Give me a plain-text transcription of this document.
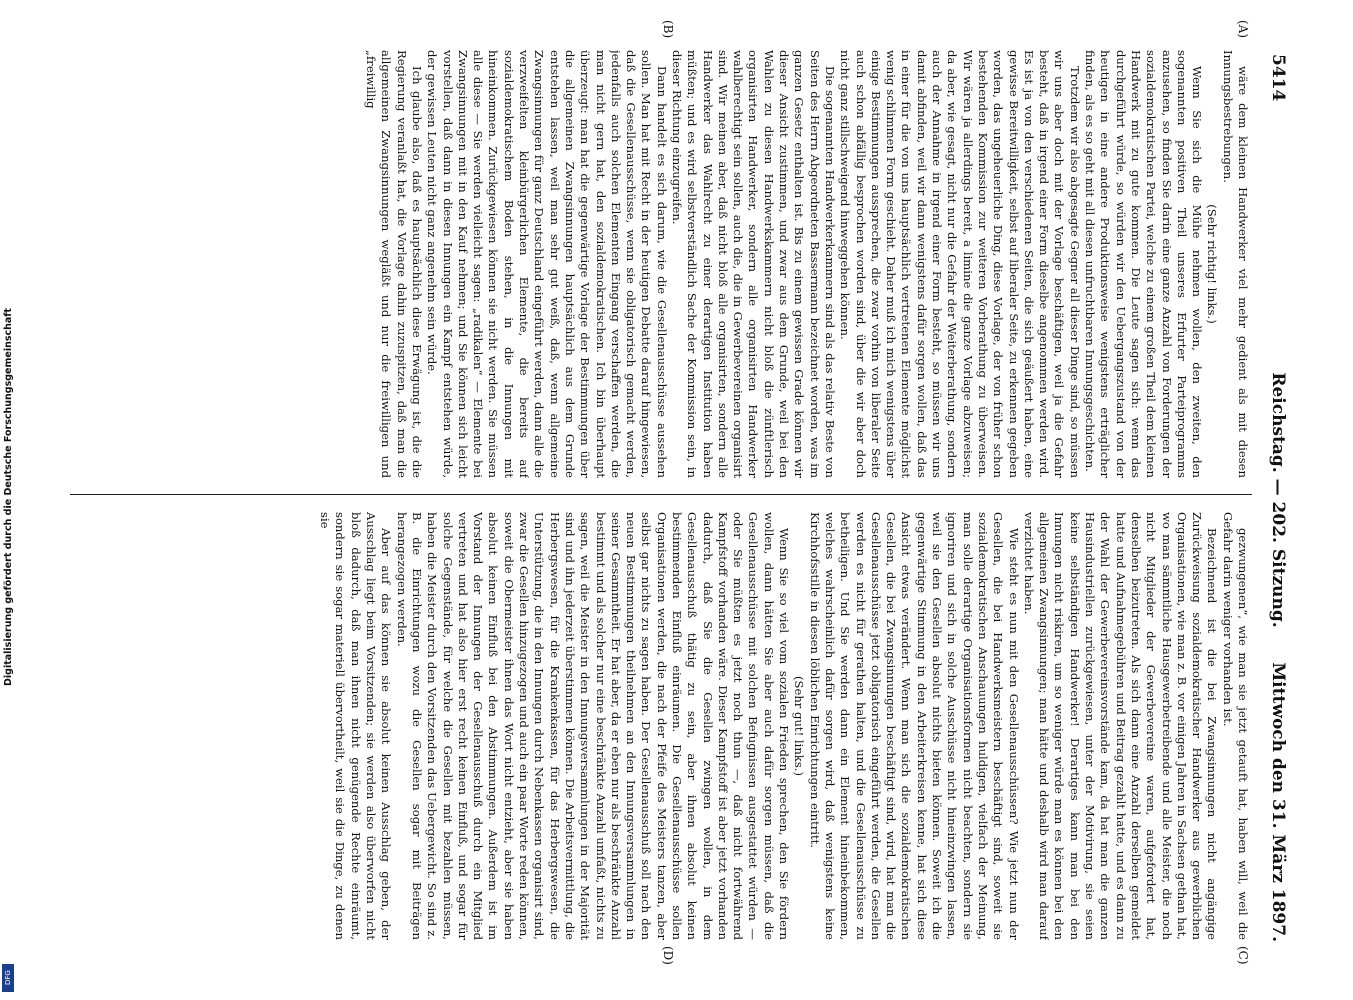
Digitalisierung gefördert durch die Deutsche Forschungsgemeinschaft
DFG
5414
Reichstag. — 202. Sitzung.
Mittwoch den 31. März 1897.
(A)
(B)
(C)
(D)

wäre dem kleinen Handwerker viel mehr gedient als mit diesen Innungsbestrebungen.

(Sehr richtig! links.)

Wenn Sie sich die Mühe nehmen wollen, den zweiten, den sogenannten positiven Theil unseres Erfurter Parteiprogramms anzusehen, so finden Sie darin eine ganze Anzahl von Forderungen der sozialdemokratischen Partei, welche zu einem großen Theil dem kleinen Handwerk mit zu gute kommen. Die Leute sagen sich: wenn das durchgeführt würde, so würden wir den Uebergangszustand von der heutigen in eine andere Produktionsweise wenigstens erträglicher finden, als es so geht mit all diesen unfruchtbaren Innungsgeschichten.

Trotzdem wir also abgesagte Gegner all dieser Dinge sind, so müssen wir uns aber doch mit der Vorlage beschäftigen, weil ja die Gefahr besteht, daß in irgend einer Form dieselbe angenommen werden wird. Es ist ja von den verschiedenen Seiten, die sich geäußert haben, eine gewisse Bereitwilligkeit, selbst auf liberaler Seite, zu erkennen gegeben worden, das ungeheuerliche Ding, diese Vorlage, der von früher schon bestehenden Kommission zur weiteren Vorberathung zu überweisen. Wir wären ja allerdings bereit, a limine die ganze Vorlage abzuweisen; da aber, wie gesagt, nicht nur die Gefahr der Weiterberathung, sondern auch der Annahme in irgend einer Form besteht, so müssen wir uns damit abfinden, weil wir dann wenigstens dafür sorgen wollen, daß das in einer für die von uns hauptsächlich vertretenen Elemente möglichst wenig schlimmen Form geschieht. Daher muß ich mich wenigstens über einige Bestimmungen aussprechen, die zwar vorhin von liberaler Seite auch schon abfällig besprochen worden sind, über die wir aber doch nicht ganz stillschweigend hinweggehen können.

Die sogenannten Handwerkerkammern sind als das relativ Beste von Seiten des Herrn Abgeordneten Bassermann bezeichnet worden, was im ganzen Gesetz enthalten ist. Bis zu einem gewissen Grade können wir dieser Ansicht zustimmen, und zwar aus dem Grunde, weil bei den Wahlen zu diesen Handwerkskammern nicht bloß die zünftlerisch organisirten Handwerker, sondern alle organisirten Handwerker wahlberechtigt sein sollen, auch die, die in Gewerbevereinen organisirt sind. Wir meinen aber, daß nicht bloß alle organisirten, sondern alle Handwerker das Wahlrecht zu einer derartigen Institution haben müßten; und es wird selbstverständlich Sache der Kommission sein, in dieser Richtung einzugreifen.

Dann handelt es sich darum, wie die Gesellenausschüsse aussehen sollen. Man hat mit Recht in der heutigen Debatte darauf hingewiesen, daß die Gesellenausschüsse, wenn sie obligatorisch gemacht werden, jedenfalls auch solchen Elementen Eingang verschaffen werden, die man nicht gern hat, den sozialdemokratischen. Ich bin überhaupt überzeugt: man hat die gegenwärtige Vorlage der Bestimmungen über die allgemeinen Zwangsinnungen hauptsächlich aus dem Grunde entstehen lassen, weil man sehr gut weiß, daß, wenn allgemeine Zwangsinnungen für ganz Deutschland eingeführt werden, dann alle die verzweifelten kleinbürgerlichen Elemente, die bereits auf sozialdemokratischem Boden stehen, in die Innungen mit hineinkommen. Zurückgewiesen können sie nicht werden. Sie müssen alle diese — Sie werden vielleicht sagen: „radikalen“ — Elemente bei Zwangsinnungen mit in den Kauf nehmen; und Sie können sich leicht vorstellen, daß dann in diesen Innungen ein Kampf entstehen würde, der gewissen Leuten nicht ganz angenehm sein würde.

Ich glaube also, daß es hauptsächlich diese Erwägung ist, die die Regierung veranlaßt hat, die Vorlage dahin zuzuspitzen, daß man die allgemeinen Zwangsinnungen wegläßt und nur die freiwilligen und „freiwillig

gezwungenen“, wie man sie jetzt getauft hat, haben will, weil die Gefahr darin weniger vorhanden ist.

Bezeichnend ist die bei Zwangsinnungen nicht angängige Zurückweisung sozialdemokratischer Handwerker aus gewerblichen Organisationen, wie man z. B. vor einigen Jahren in Sachsen gethan hat, wo man sämmtliche Hausgewerbetreibende und alle Meister, die noch nicht Mitglieder der Gewerbevereine waren, aufgefordert hat, denselben beizutreten. Als sich dann eine Anzahl derselben gemeldet hatte und Aufnahmegebühren und Beitrag gezahlt hatte, und es dann zu der Wahl der Gewerbevereinsvorstände kam, da hat man die ganzen Hausindustriellen zurückgewiesen, unter der Motivirung, sie seien keine selbständigen Handwerker! Derartiges kann man bei den Innungen nicht riskiren, um so weniger würde man es können bei den allgemeinen Zwangsinnungen; man hätte und deshalb wird man darauf verzichtet haben.

Wie steht es nun mit den Gesellenausschüssen? Wie jetzt nun der Gesellen, die bei Handwerksmeistern beschäftigt sind, soweit sie sozialdemokratischen Anschauungen huldigen, vielfach der Meinung, man solle derartige Organisationsformen nicht beachten, sondern sie ignoriren und sich in solche Ausschüsse nicht hineinzwingen lassen, weil sie den Gesellen absolut nichts bieten können. Soweit ich die gegenwärtige Stimmung in den Arbeiterkreisen kenne, hat sich diese Ansicht etwas verändert. Wenn man sich die sozialdemokratischen Gesellen, die bei Zwangsinnungen beschäftigt sind, wird, hat man die Gesellenausschüsse jetzt obligatorisch eingeführt werden, die Gesellen werden es nicht für gerathen halten, und die Gesellenausschüsse zu betheiligen. Und Sie werden dann ein Element hineinbekommen, welches wahrscheinlich dafür sorgen wird, daß wenigstens keine Kirchhofsstille in diesen löblichen Einrichtungen eintritt.

(Sehr gut! links.)

Wenn Sie so viel vom sozialen Frieden sprechen, den Sie fördern wollen, dann hätten Sie aber auch dafür sorgen müssen, daß die Gesellenausschüsse mit solchen Befugnissen ausgestattet würden — oder Sie müßten es jetzt noch thun —, daß nicht fortwährend Kampfstoff vorhanden wäre. Dieser Kampfstoff ist aber jetzt vorhanden dadurch, daß Sie die Gesellen zwingen wollen, in dem Gesellenausschuß thätig zu sein, aber ihnen absolut keinen bestimmenden Einfluß einräumen. Die Gesellenausschüsse sollen Organisationen werden, die nach der Pfeife des Meisters tanzen, aber selbst gar nichts zu sagen haben. Der Gesellenausschuß soll nach den neuen Bestimmungen theilnehmen an den Innungsversammlungen in seiner Gesammtheit. Er hat aber, da er eben nur als beschränkte Anzahl bestimmt und als solcher nur eine beschränkte Anzahl umfaßt, nichts zu sagen, weil die Meister in den Innungsversammlungen in der Majorität sind und ihn jederzeit überstimmen können. Die Arbeitsvermittlung, die Herbergswesen, für die Krankenkassen, für das Herbergswesen, die Unterstützung, die in den Innungen durch Nebenkassen organisirt sind, zwar die Gesellen hinzugezogen und auch ein paar Worte reden können, soweit die Obermeister ihnen das Wort nicht entzieht, aber sie haben absolut keinen Einfluß bei den Abstimmungen. Außerdem ist im Vorstand der Innungen der Gesellenausschuß durch ein Mitglied vertreten und hat also hier erst recht keinen Einfluß, und sogar für solche Gegenstände, für welche die Gesellen mit bezahlen müssen, haben die Meister durch den Vorsitzenden das Uebergewicht. So sind z. B. die Einrichtungen wozu die Gesellen sogar mit Beiträgen herangezogen werden.

Aber auf das können sie absolut keinen Ausschlag geben, der Ausschlag liegt beim Vorsitzenden; sie werden also überworfen nicht bloß dadurch, daß man ihnen nicht genügende Rechte einräumt, sondern sie sogar materiell übervortheilt, weil sie die Dinge, zu denen sie
